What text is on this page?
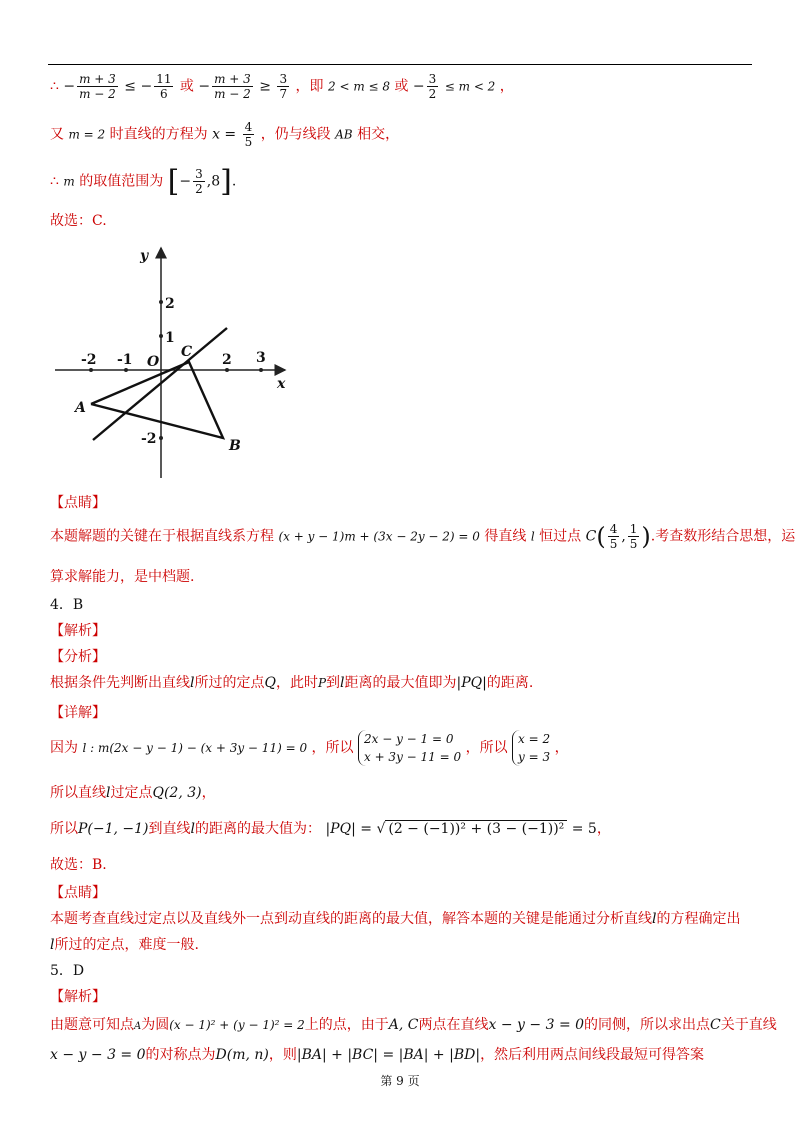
∴ − $\frac{m + 3}{m - 2}$ ≤ − $\frac{11}{6}$ 或 − $\frac{m + 3}{m - 2} \ge \frac{3}{7}$ ，即 2 < m ≤ 8 或 − $\frac{3}{2} \le m < 2$ ，
又 m = 2 时直线的方程为 $x = \frac{4}{5}$ ，仍与线段 AB 相交，
∴ m 的取值范围为 [− $\frac{3}{2} ,8$].
故选：C.
y
x
O
-2 -1	2 3
2
1
-2
A
B
C
【点睛】
本题解题的关键在于根据直线系方程 (x + y − 1)m + (3x − 2y − 2) = 0 得直线 l 恒过点 $C( \frac{4}{5}$ , $\frac{1}{5}$ ).考查数形结合思想，运
算求解能力，是中档题.
4．B
【解析】
【分析】
根据条件先判断出直线l所过的定点Q，此时P到l距离的最大值即为|PQ|的距离.
【详解】
因为 l : m(2x − y − 1) − (x + 3y − 11) = 0 ，所以 2x − y − 1 = 0
x + 3y − 11 = 0 ，所以 x = 2
y = 3 ，
所以直线l过定点Q(2, 3)，
所以P(−1, −1)到直线l的距离的最大值为： |PQ| = √ (2 − (−1))² + (3 − (−1))² = 5，
故选：B.
【点睛】
本题考查直线过定点以及直线外一点到动直线的距离的最大值，解答本题的关键是能通过分析直线l的方程确定出
l所过的定点，难度一般.
5．D
【解析】
由题意可知点A为圆(x − 1)² + (y − 1)² = 2上的点，由于A, C两点在直线x − y − 3 = 0的同侧，所以求出点C关于直线
x − y − 3 = 0的对称点为D(m, n)，则|BA| + |BC| = |BA| + |BD|，然后利用两点间线段最短可得答案
第 9 页
